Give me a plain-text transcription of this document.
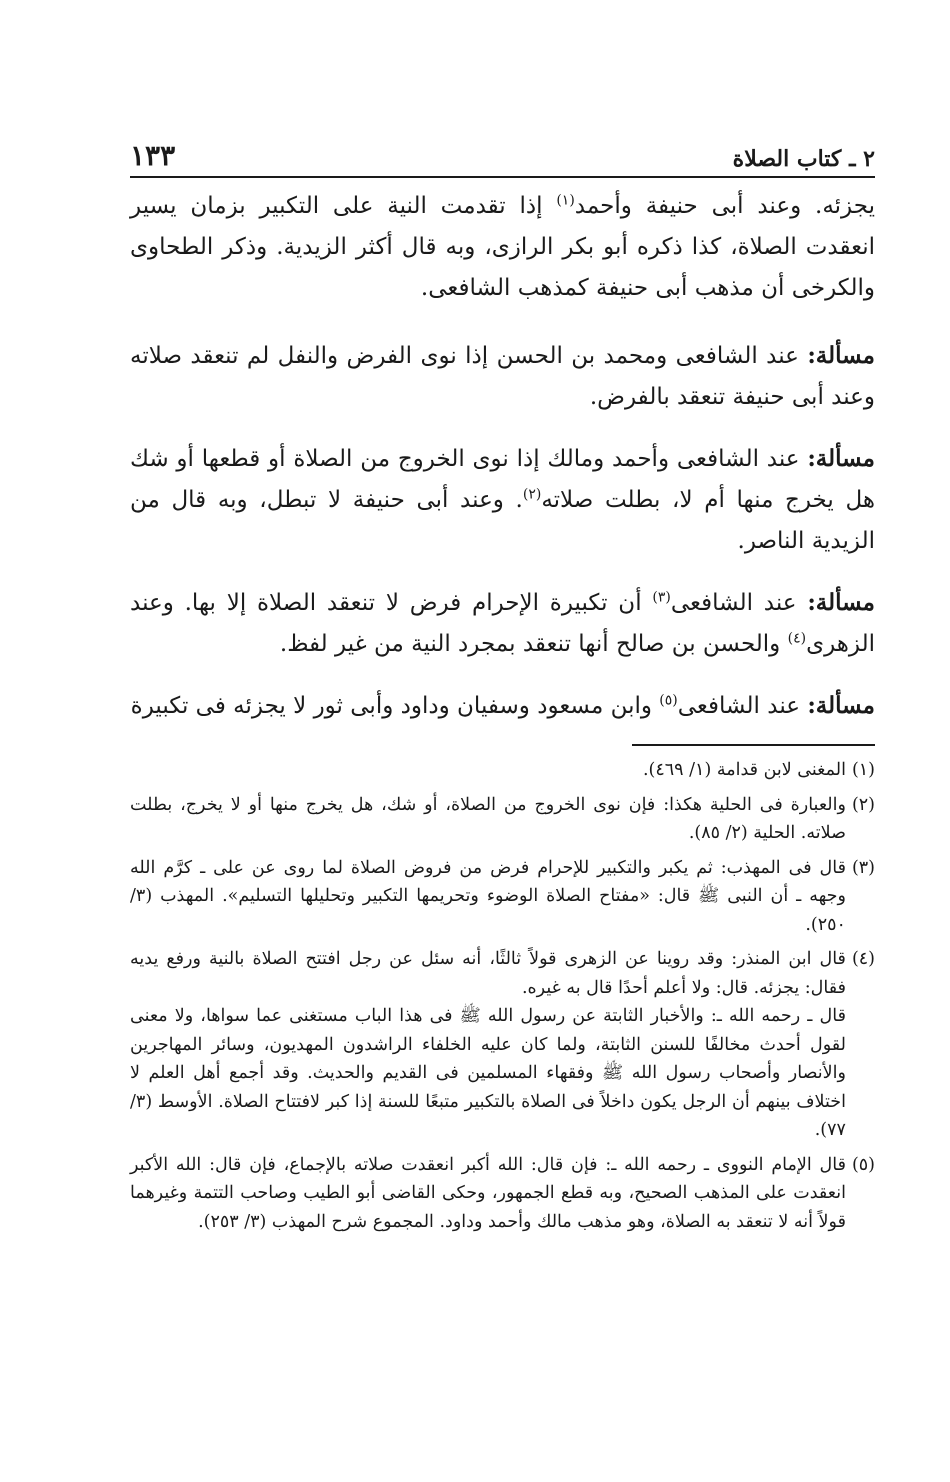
٢ ـ كتاب الصلاة
١٣٣

يجزئه. وعند أبى حنيفة وأحمد$^{(١)}$ إذا تقدمت النية على التكبير بزمان يسير انعقدت الصلاة، كذا ذكره أبو بكر الرازى، وبه قال أكثر الزيدية. وذكر الطحاوى والكرخى أن مذهب أبى حنيفة كمذهب الشافعى.

مسألة: عند الشافعى ومحمد بن الحسن إذا نوى الفرض والنفل لم تنعقد صلاته وعند أبى حنيفة تنعقد بالفرض.

مسألة: عند الشافعى وأحمد ومالك إذا نوى الخروج من الصلاة أو قطعها أو شك هل يخرج منها أم لا، بطلت صلاته$^{(٢)}$. وعند أبى حنيفة لا تبطل، وبه قال من الزيدية الناصر.

مسألة: عند الشافعى$^{(٣)}$ أن تكبيرة الإحرام فرض لا تنعقد الصلاة إلا بها. وعند الزهرى$^{(٤)}$ والحسن بن صالح أنها تنعقد بمجرد النية من غير لفظ.

مسألة: عند الشافعى$^{(٥)}$ وابن مسعود وسفيان وداود وأبى ثور لا يجزئه فى تكبيرة

(١)

المغنى لابن قدامة (١/ ٤٦٩).

(٢)

والعبارة فى الحلية هكذا: فإن نوى الخروج من الصلاة، أو شك، هل يخرج منها أو لا يخرج، بطلت صلاته. الحلية (٢/ ٨٥).

(٣)

قال فى المهذب: ثم يكبر والتكبير للإحرام فرض من فروض الصلاة لما روى عن على ـ كرَّم الله وجهه ـ أن النبى ﷺ قال: «مفتاح الصلاة الوضوء وتحريمها التكبير وتحليلها التسليم». المهذب (٣/ ٢٥٠).

(٤)

قال ابن المنذر: وقد روينا عن الزهرى قولاً ثالثًا، أنه سئل عن رجل افتتح الصلاة بالنية ورفع يديه فقال: يجزئه. قال: ولا أعلم أحدًا قال به غيره.

قال ـ رحمه الله ـ: والأخبار الثابتة عن رسول الله ﷺ فى هذا الباب مستغنى عما سواها، ولا معنى لقول أحدث مخالفًا للسنن الثابتة، ولما كان عليه الخلفاء الراشدون المهديون، وسائر المهاجرين والأنصار وأصحاب رسول الله ﷺ وفقهاء المسلمين فى القديم والحديث. وقد أجمع أهل العلم لا اختلاف بينهم أن الرجل يكون داخلاً فى الصلاة بالتكبير متبعًا للسنة إذا كبر لافتتاح الصلاة. الأوسط (٣/ ٧٧).

(٥)

قال الإمام النووى ـ رحمه الله ـ: فإن قال: الله أكبر انعقدت صلاته بالإجماع، فإن قال: الله الأكبر انعقدت على المذهب الصحيح، وبه قطع الجمهور، وحكى القاضى أبو الطيب وصاحب التتمة وغيرهما قولاً أنه لا تنعقد به الصلاة، وهو مذهب مالك وأحمد وداود. المجموع شرح المهذب (٣/ ٢٥٣).
